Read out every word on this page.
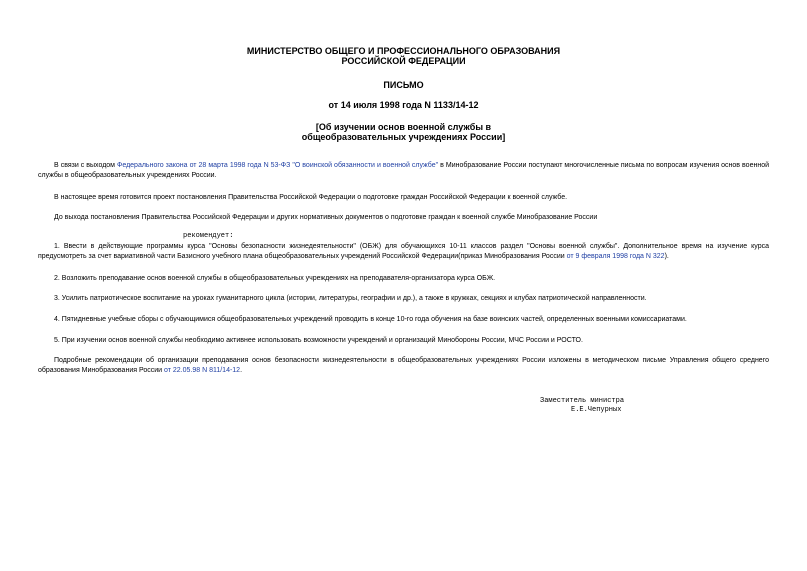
МИНИСТЕРСТВО ОБЩЕГО И ПРОФЕССИОНАЛЬНОГО ОБРАЗОВАНИЯ
РОССИЙСКОЙ ФЕДЕРАЦИИ
ПИСЬМО
от 14 июля 1998 года N 1133/14-12
[Об изучении основ военной службы в
общеобразовательных учреждениях России]
В связи с выходом Федерального закона от 28 марта 1998 года N 53-ФЗ "О воинской обязанности и военной службе" в Минобразование России поступают многочисленные письма по вопросам изучения основ военной службы в общеобразовательных учреждениях России.
В настоящее время готовится проект постановления Правительства Российской Федерации о подготовке граждан Российской Федерации к военной службе.
До выхода постановления Правительства Российской Федерации и других нормативных документов о подготовке граждан к военной службе Минобразование России
рекомендует:
1. Ввести в действующие программы курса "Основы безопасности жизнедеятельности" (ОБЖ) для обучающихся 10-11 классов раздел "Основы военной службы". Дополнительное время на изучение курса предусмотреть за счет вариативной части Базисного учебного плана общеобразовательных учреждений Российской Федерации(приказ Минобразования России от 9 февраля 1998 года N 322).
2. Возложить преподавание основ военной службы в общеобразовательных учреждениях на преподавателя-организатора курса ОБЖ.
3. Усилить патриотическое воспитание на уроках гуманитарного цикла (истории, литературы, географии и др.), а также в кружках, секциях и клубах патриотической направленности.
4. Пятидневные учебные сборы с обучающимися общеобразовательных учреждений проводить в конце 10-го года обучения на базе воинских частей, определенных военными комиссариатами.
5. При изучении основ военной службы необходимо активнее использовать возможности учреждений и организаций Минобороны России, МЧС России и РОСТО.
Подробные рекомендации об организации преподавания основ безопасности жизнедеятельности в общеобразовательных учреждениях России изложены в методическом письме Управления общего среднего образования Минобразования России от 22.05.98 N 811/14-12.
Заместитель министра
Е.Е.Чепурных
